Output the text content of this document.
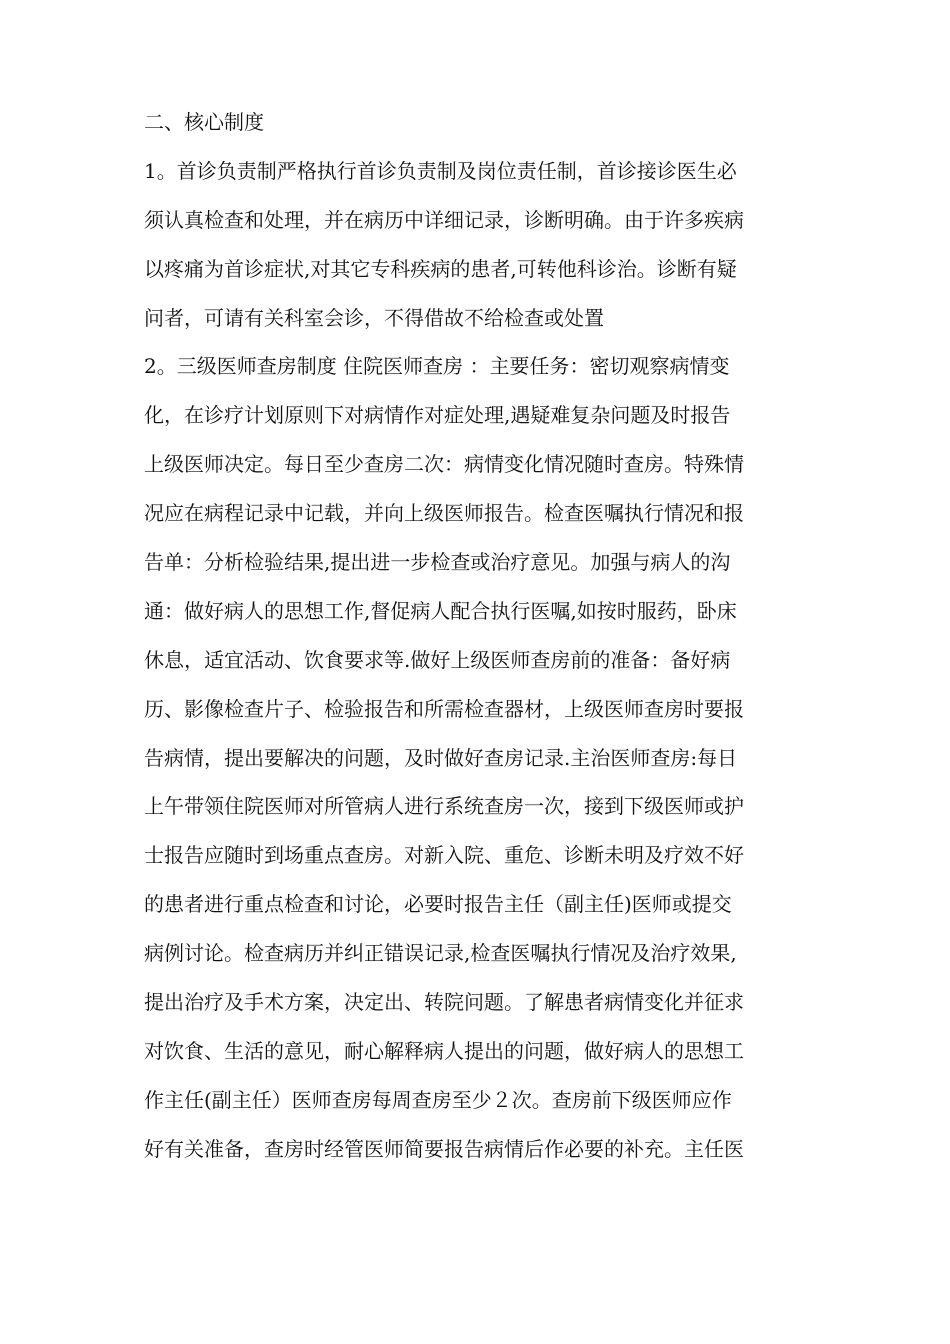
二、核心制度
1。首诊负责制严格执行首诊负责制及岗位责任制，首诊接诊医生必
须认真检查和处理，并在病历中详细记录，诊断明确。由于许多疾病
以疼痛为首诊症状,对其它专科疾病的患者,可转他科诊治。诊断有疑
问者，可请有关科室会诊，不得借故不给检查或处置
2。三级医师查房制度 住院医师查房 ：主要任务：密切观察病情变
化，在诊疗计划原则下对病情作对症处理,遇疑难复杂问题及时报告
上级医师决定。每日至少查房二次：病情变化情况随时查房。特殊情
况应在病程记录中记载，并向上级医师报告。检查医嘱执行情况和报
告单：分析检验结果,提出进一步检查或治疗意见。加强与病人的沟
通：做好病人的思想工作,督促病人配合执行医嘱,如按时服药，卧床
休息，适宜活动、饮食要求等.做好上级医师查房前的准备：备好病
历、影像检查片子、检验报告和所需检查器材，上级医师查房时要报
告病情，提出要解决的问题，及时做好查房记录.主治医师查房:每日
上午带领住院医师对所管病人进行系统查房一次，接到下级医师或护
士报告应随时到场重点查房。对新入院、重危、诊断未明及疗效不好
的患者进行重点检查和讨论，必要时报告主任（副主任)医师或提交
病例讨论。检查病历并纠正错误记录,检查医嘱执行情况及治疗效果,
提出治疗及手术方案，决定出、转院问题。了解患者病情变化并征求
对饮食、生活的意见，耐心解释病人提出的问题，做好病人的思想工
作主任(副主任）医师查房每周查房至少２次。查房前下级医师应作
好有关准备，查房时经管医师简要报告病情后作必要的补充。主任医
